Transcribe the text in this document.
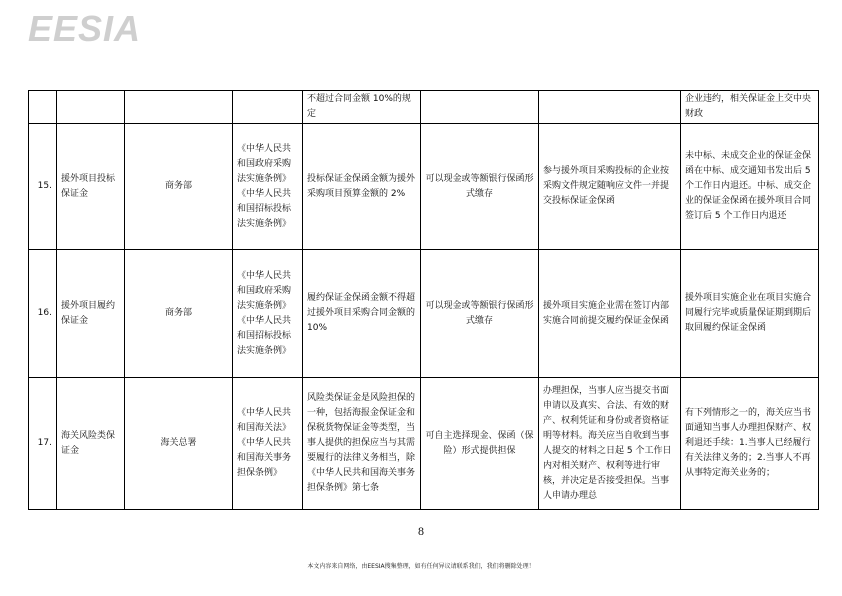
EESIA
				不超过合同金额 10%的规定			企业违约，相关保证金上交中央财政
15.	援外项目投标保证金	商务部	《中华人民共和国政府采购法实施条例》《中华人民共和国招标投标法实施条例》	投标保证金保函金额为援外采购项目预算金额的 2%	可以现金或等额银行保函形式缴存	参与援外项目采购投标的企业按采购文件规定随响应文件一并提交投标保证金保函	未中标、未成交企业的保证金保函在中标、成交通知书发出后 5 个工作日内退还。中标、成交企业的保证金保函在援外项目合同签订后 5 个工作日内退还
16.	援外项目履约保证金	商务部	《中华人民共和国政府采购法实施条例》《中华人民共和国招标投标法实施条例》	履约保证金保函金额不得超过援外项目采购合同金额的 10%	可以现金或等额银行保函形式缴存	援外项目实施企业需在签订内部实施合同前提交履约保证金保函	援外项目实施企业在项目实施合同履行完毕或质量保证期到期后取回履约保证金保函
17.	海关风险类保证金	海关总署	《中华人民共和国海关法》《中华人民共和国海关事务担保条例》	风险类保证金是风险担保的一种，包括海报金保证金和保税货物保证金等类型，当事人提供的担保应当与其需要履行的法律义务相当，除《中华人民共和国海关事务担保条例》第七条	可自主选择现金、保函（保险）形式提供担保	办理担保，当事人应当提交书面申请以及真实、合法、有效的财产、权利凭证和身份或者资格证明等材料。海关应当自收到当事人提交的材料之日起 5 个工作日内对相关财产、权利等进行审核，并决定是否接受担保。当事人申请办理总	有下列情形之一的，海关应当书面通知当事人办理担保财产、权利退还手续：1.当事人已经履行有关法律义务的；2.当事人不再从事特定海关业务的；
8
本文内容来自网络，由EESIA搜集整理，如有任何异议请联系我们，我们将删除处理！
